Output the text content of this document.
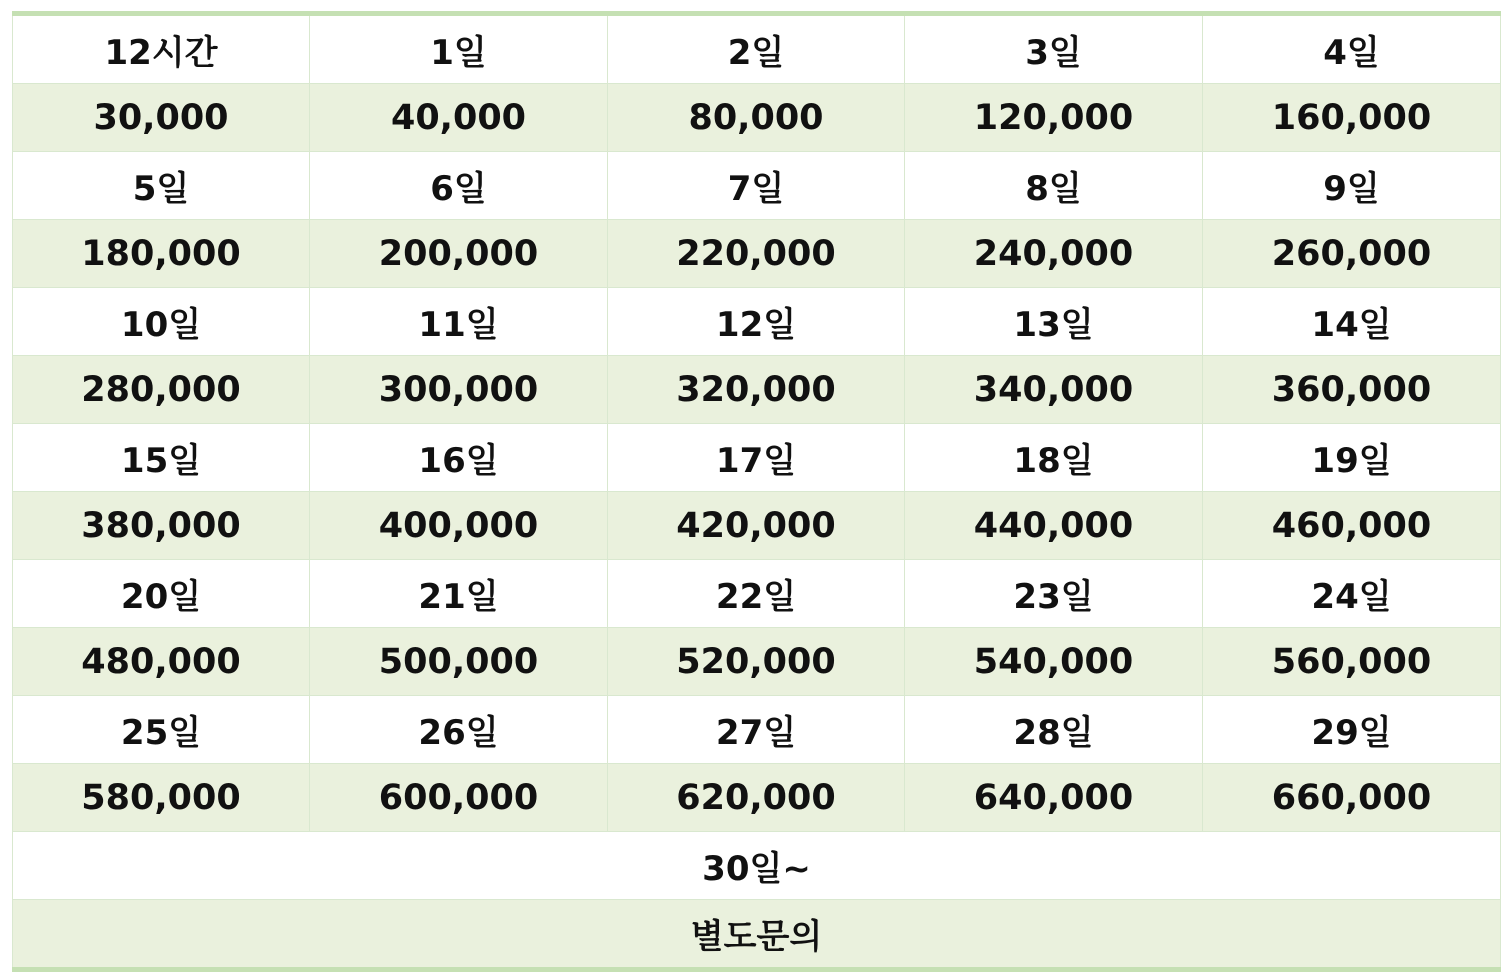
12시간	1일	2일	3일	4일
30,000	40,000	80,000	120,000	160,000
5일	6일	7일	8일	9일
180,000	200,000	220,000	240,000	260,000
10일	11일	12일	13일	14일
280,000	300,000	320,000	340,000	360,000
15일	16일	17일	18일	19일
380,000	400,000	420,000	440,000	460,000
20일	21일	22일	23일	24일
480,000	500,000	520,000	540,000	560,000
25일	26일	27일	28일	29일
580,000	600,000	620,000	640,000	660,000
30일~				
별도문의				
